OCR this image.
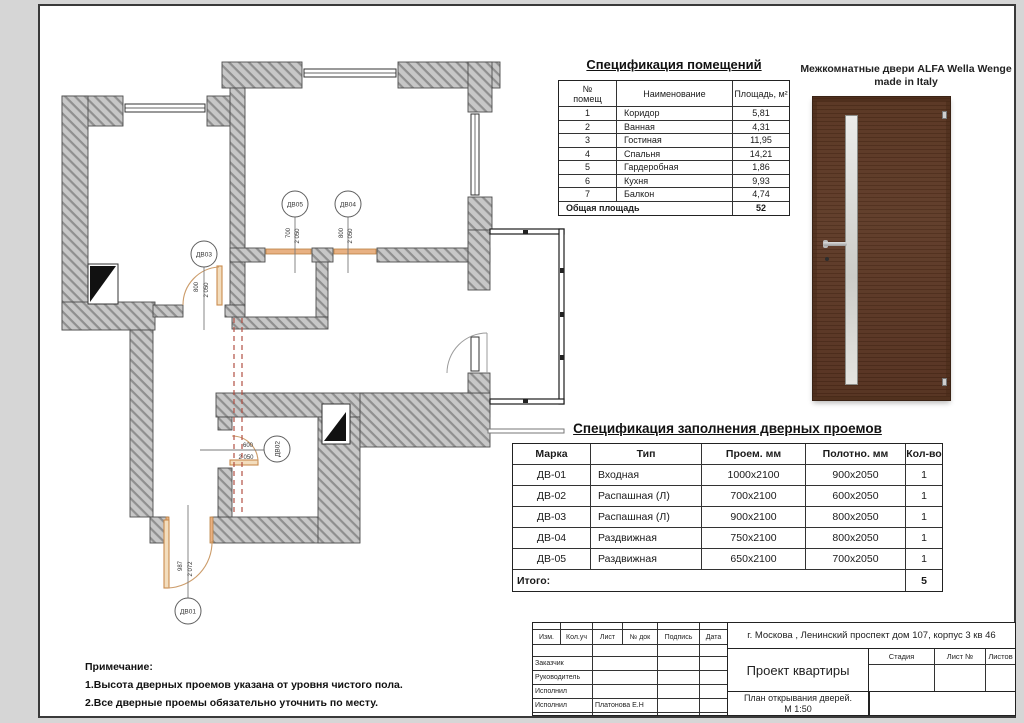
ДВ05
700 2 050
ДВ04
800 2 050
ДВ03
800 2 050
ДВ02
600
2 050
ДВ01
987 2 072
Спецификация помещений
№
помещ	Наименование	Площадь, м²
1	Коридор	5,81
2	Ванная	4,31
3	Гостиная	11,95
4	Спальня	14,21
5	Гардеробная	1,86
6	Кухня	9,93
7	Балкон	4,74
Общая площадь	52
Межкомнатные двери ALFA Wella Wenge
made in Italy
Спецификация заполнения дверных проемов
Марка	Тип	Проем. мм	Полотно. мм	Кол-во
ДВ-01	Входная	1000х2100	900х2050	1
ДВ-02	Распашная (Л)	700х2100	600х2050	1
ДВ-03	Распашная (Л)	900х2100	800х2050	1
ДВ-04	Раздвижная	750х2100	800х2050	1
ДВ-05	Раздвижная	650х2100	700х2050	1
Итого:	5
Примечание:
1.Высота дверных проемов указана от уровня чистого пола.
2.Все дверные проемы обязательно уточнить по месту.
Изм.	Кол.уч	Лист	№ док	Подпись	Дата
Заказчик
Руководитель
Исполнил
Исполнил	Платонова Е.Н
г. Москова , Ленинский проспект дом 107, корпус 3 кв 46
Проект квартиры
Стадия	Лист №	Листов
План открывания дверей.
М 1:50
